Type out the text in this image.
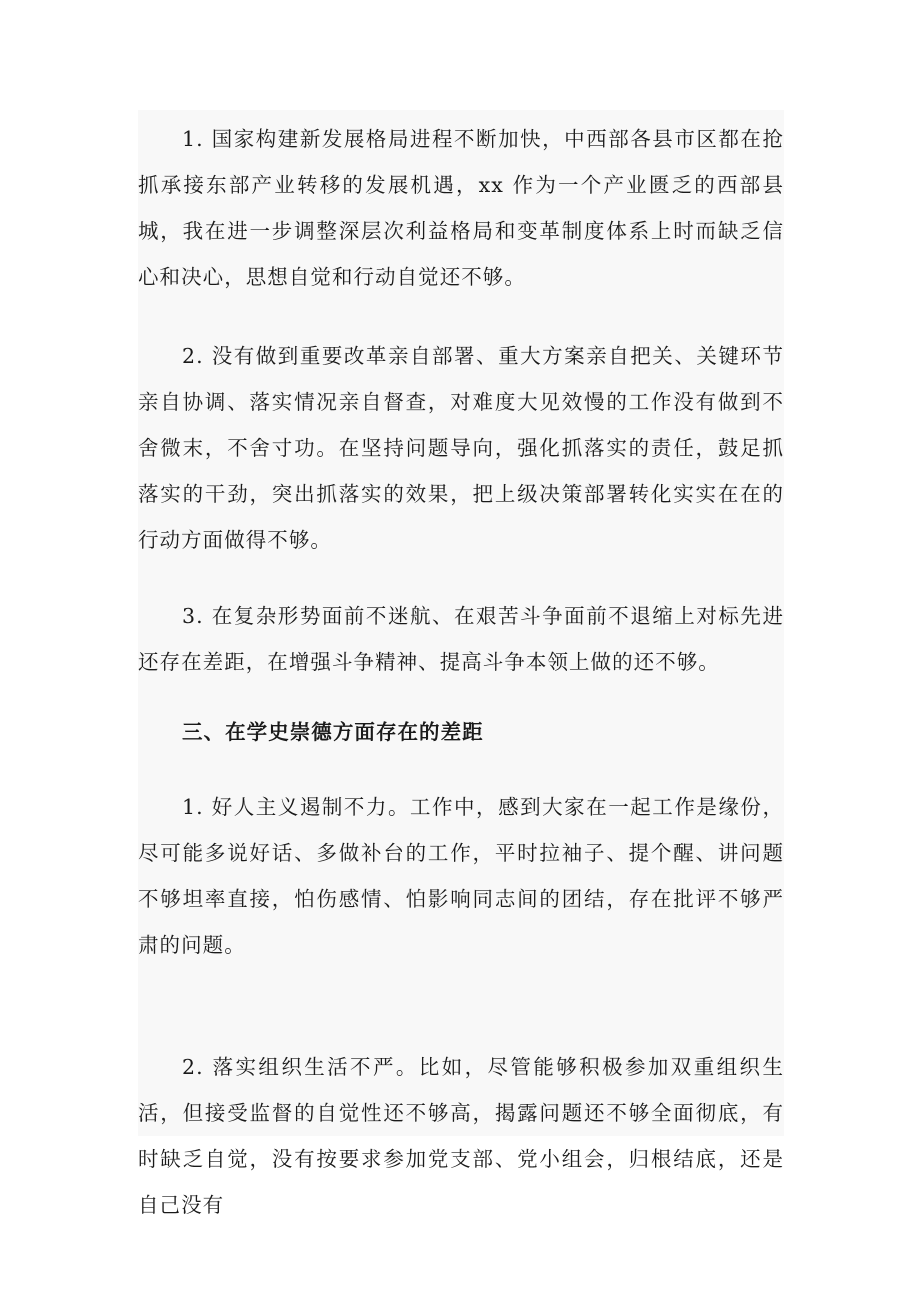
1. 国家构建新发展格局进程不断加快，中西部各县市区都在抢抓承接东部产业转移的发展机遇，xx 作为一个产业匮乏的西部县城，我在进一步调整深层次利益格局和变革制度体系上时而缺乏信心和决心，思想自觉和行动自觉还不够。

2. 没有做到重要改革亲自部署、重大方案亲自把关、关键环节亲自协调、落实情况亲自督查，对难度大见效慢的工作没有做到不舍微末，不舍寸功。在坚持问题导向，强化抓落实的责任，鼓足抓落实的干劲，突出抓落实的效果，把上级决策部署转化实实在在的行动方面做得不够。

3. 在复杂形势面前不迷航、在艰苦斗争面前不退缩上对标先进还存在差距，在增强斗争精神、提高斗争本领上做的还不够。

三、在学史崇德方面存在的差距

1. 好人主义遏制不力。工作中，感到大家在一起工作是缘份，尽可能多说好话、多做补台的工作，平时拉袖子、提个醒、讲问题不够坦率直接，怕伤感情、怕影响同志间的团结，存在批评不够严肃的问题。

2. 落实组织生活不严。比如，尽管能够积极参加双重组织生活，但接受监督的自觉性还不够高，揭露问题还不够全面彻底，有时缺乏自觉，没有按要求参加党支部、党小组会，归根结底，还是自己没有
